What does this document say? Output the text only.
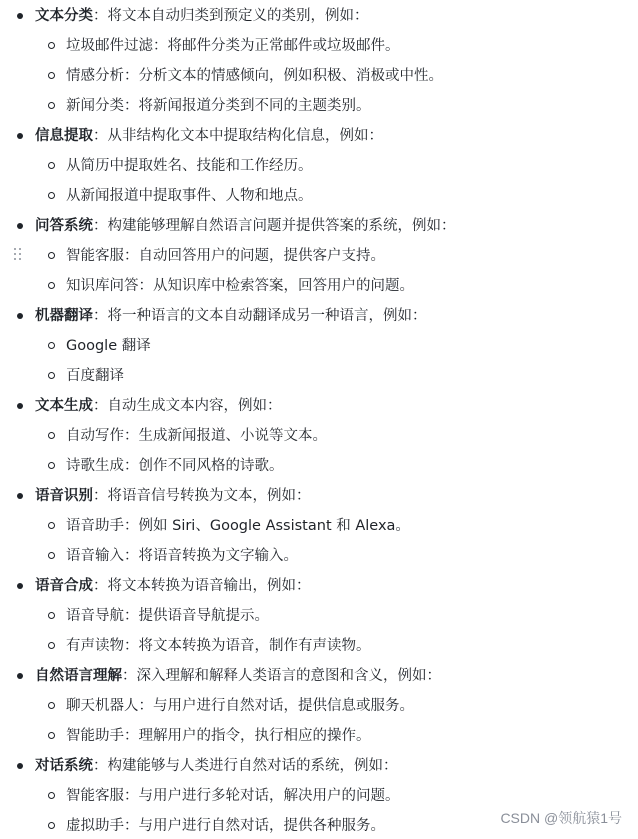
文本分类：将文本自动归类到预定义的类别，例如：
垃圾邮件过滤：将邮件分类为正常邮件或垃圾邮件。
情感分析：分析文本的情感倾向，例如积极、消极或中性。
新闻分类：将新闻报道分类到不同的主题类别。
信息提取：从非结构化文本中提取结构化信息，例如：
从简历中提取姓名、技能和工作经历。
从新闻报道中提取事件、人物和地点。
问答系统：构建能够理解自然语言问题并提供答案的系统，例如：
智能客服：自动回答用户的问题，提供客户支持。
知识库问答：从知识库中检索答案，回答用户的问题。
机器翻译：将一种语言的文本自动翻译成另一种语言，例如：
Google 翻译
百度翻译
文本生成：自动生成文本内容，例如：
自动写作：生成新闻报道、小说等文本。
诗歌生成：创作不同风格的诗歌。
语音识别：将语音信号转换为文本，例如：
语音助手：例如 Siri、Google Assistant 和 Alexa。
语音输入：将语音转换为文字输入。
语音合成：将文本转换为语音输出，例如：
语音导航：提供语音导航提示。
有声读物：将文本转换为语音，制作有声读物。
自然语言理解：深入理解和解释人类语言的意图和含义，例如：
聊天机器人：与用户进行自然对话，提供信息或服务。
智能助手：理解用户的指令，执行相应的操作。
对话系统：构建能够与人类进行自然对话的系统，例如：
智能客服：与用户进行多轮对话，解决用户的问题。
虚拟助手：与用户进行自然对话，提供各种服务。	CSDN @领航猿1号
